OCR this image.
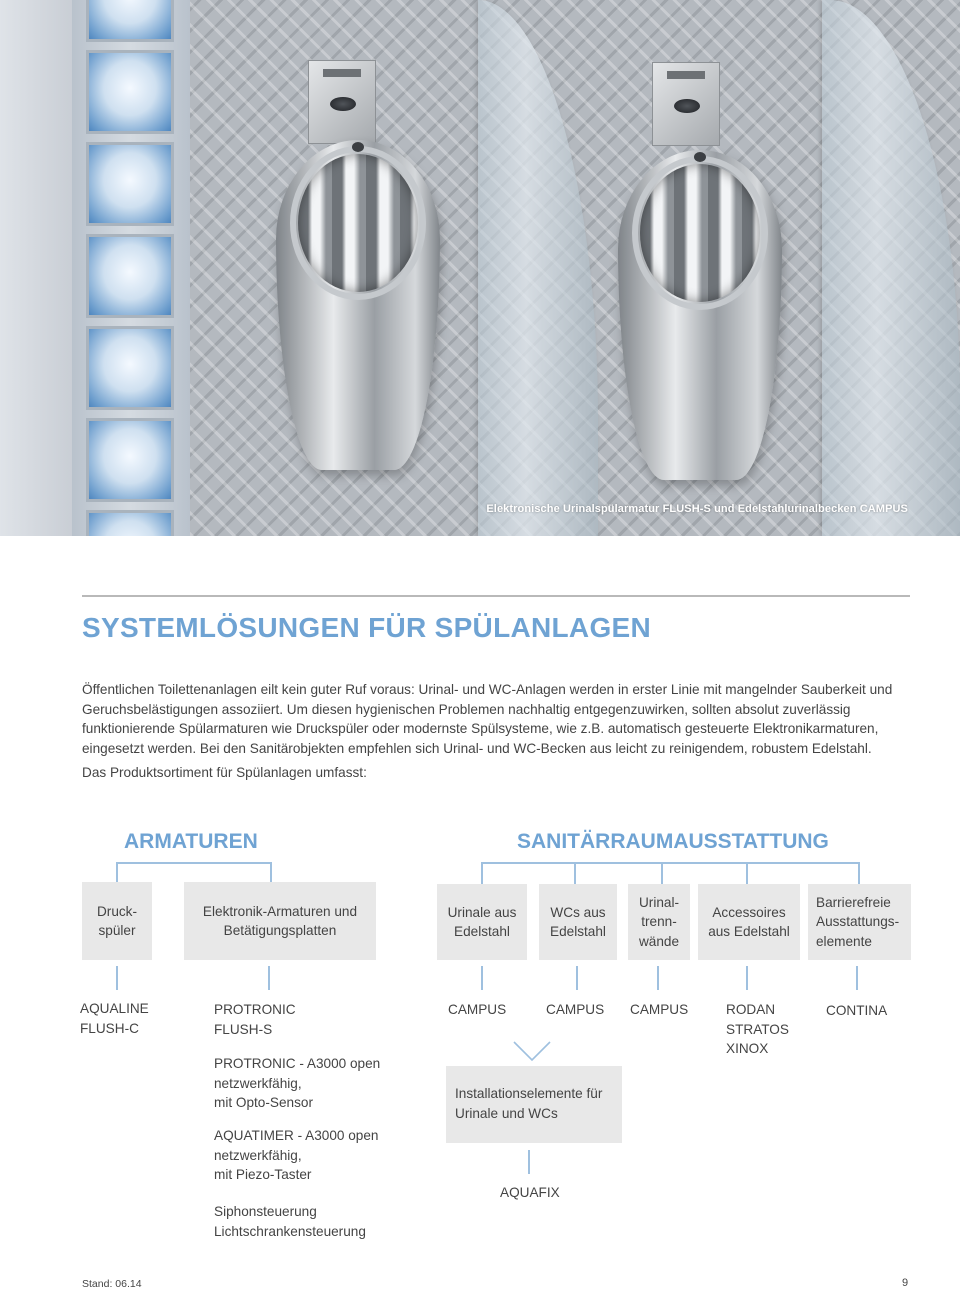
Elektronische Urinalspülarmatur FLUSH-S und Edelstahlurinalbecken CAMPUS
SYSTEMLÖSUNGEN FÜR SPÜLANLAGEN

Öffentlichen Toilettenanlagen eilt kein guter Ruf voraus: Urinal- und WC-Anlagen werden in erster Linie mit mangelnder Sauberkeit und Geruchsbelästigungen assoziiert. Um diesen hygienischen Problemen nachhaltig entgegenzuwirken, sollten absolut zuverlässig funktionierende Spülarmaturen wie Druckspüler oder modernste Spülsysteme, wie z.B. automatisch gesteuerte Elektronikarmaturen, eingesetzt werden. Bei den Sanitärobjekten empfehlen sich Urinal- und WC-Becken aus leicht zu reinigendem, robustem Edelstahl.

Das Produktsortiment für Spülanlagen umfasst:
ARMATUREN	SANITÄRRAUMAUSSTATTUNG
Druck-
spüler
Elektronik-Armaturen und
Betätigungsplatten
Urinale aus
Edelstahl
WCs aus
Edelstahl
Urinal-
trenn-
wände
Accessoires
aus Edelstahl
Barrierefreie
Ausstattungs-
elemente
AQUALINE
FLUSH-C
PROTRONIC
FLUSH-S
PROTRONIC - A3000 open
netzwerkfähig,
mit Opto-Sensor
AQUATIMER - A3000 open
netzwerkfähig,
mit Piezo-Taster
Siphonsteuerung
Lichtschrankensteuerung
CAMPUS	CAMPUS CAMPUS	RODAN
STRATOS
XINOX
CONTINA
Installationselemente für
Urinale und WCs
AQUAFIX
Stand: 06.14	9
